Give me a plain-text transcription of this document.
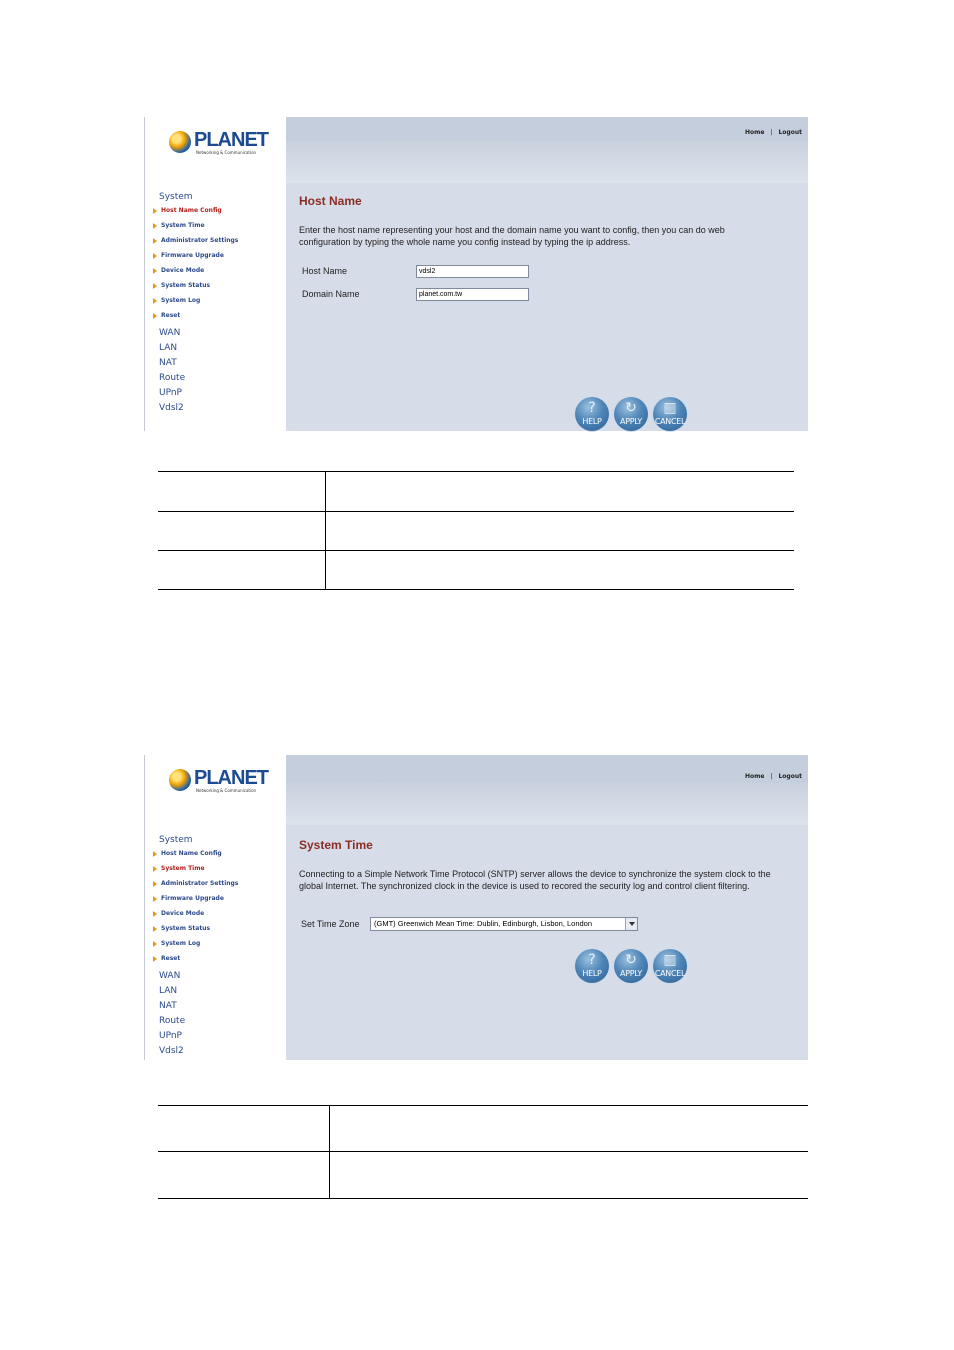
PLANET
Networking & Communication
System
Host Name Config
System Time
Administrator Settings
Firmware Upgrade
Device Mode
System Status
System Log
Reset
WAN
LAN
NAT
Route
UPnP
Vdsl2
Home | Logout
Host Name
Enter the host name representing your host and the domain name you want to config, then you can do web configuration by typing the whole name you config instead by typing the ip address.
Host Name	vdsl2
Domain Name	planet.com.tw
?
HELP
↻
APPLY
▥
CANCEL
PLANET
Networking & Communication
System
Host Name Config
System Time
Administrator Settings
Firmware Upgrade
Device Mode
System Status
System Log
Reset
WAN
LAN
NAT
Route
UPnP
Vdsl2
Home | Logout
System Time
Connecting to a Simple Network Time Protocol (SNTP) server allows the device to synchronize the system clock to the global Internet. The synchronized clock in the device is used to recored the security log and control client filtering.
Set Time Zone	(GMT) Greenwich Mean Time: Dublin, Edinburgh, Lisbon, London
?
HELP
↻
APPLY
▥
CANCEL
